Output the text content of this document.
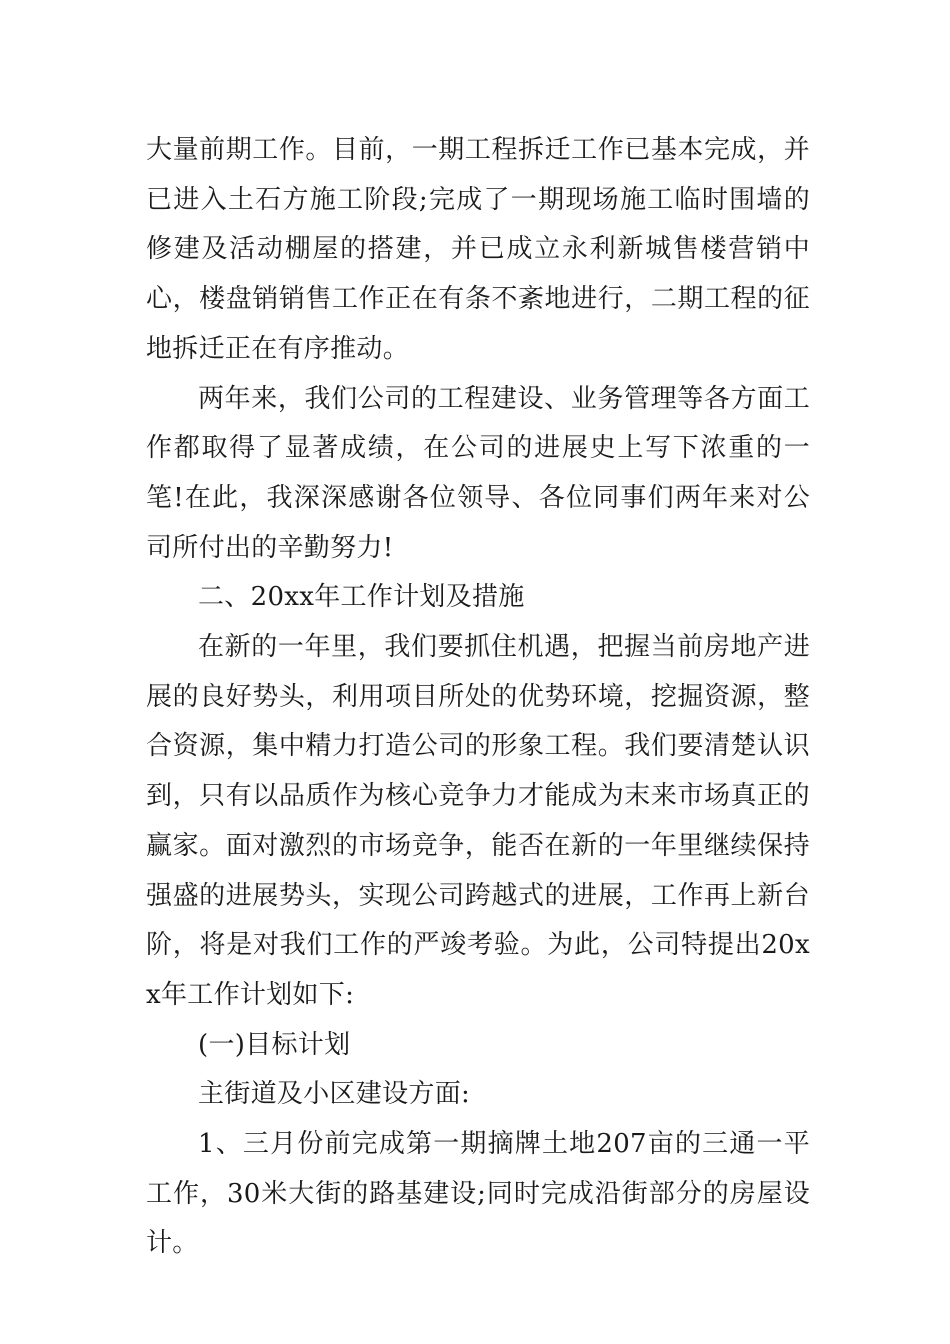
大量前期工作。目前，一期工程拆迁工作已基本完成，并已进入土石方施工阶段;完成了一期现场施工临时围墙的修建及活动棚屋的搭建，并已成立永利新城售楼营销中心，楼盘销销售工作正在有条不紊地进行，二期工程的征地拆迁正在有序推动。

两年来，我们公司的工程建设、业务管理等各方面工作都取得了显著成绩，在公司的进展史上写下浓重的一笔!在此，我深深感谢各位领导、各位同事们两年来对公司所付出的辛勤努力!

二、20xx年工作计划及措施

在新的一年里，我们要抓住机遇，把握当前房地产进展的良好势头，利用项目所处的优势环境，挖掘资源，整合资源，集中精力打造公司的形象工程。我们要清楚认识到，只有以品质作为核心竞争力才能成为末来市场真正的赢家。面对激烈的市场竞争，能否在新的一年里继续保持强盛的进展势头，实现公司跨越式的进展，工作再上新台阶，将是对我们工作的严竣考验。为此，公司特提出20xx年工作计划如下:

(一)目标计划

主街道及小区建设方面:

1、三月份前完成第一期摘牌土地207亩的三通一平工作，30米大街的路基建设;同时完成沿街部分的房屋设计。
